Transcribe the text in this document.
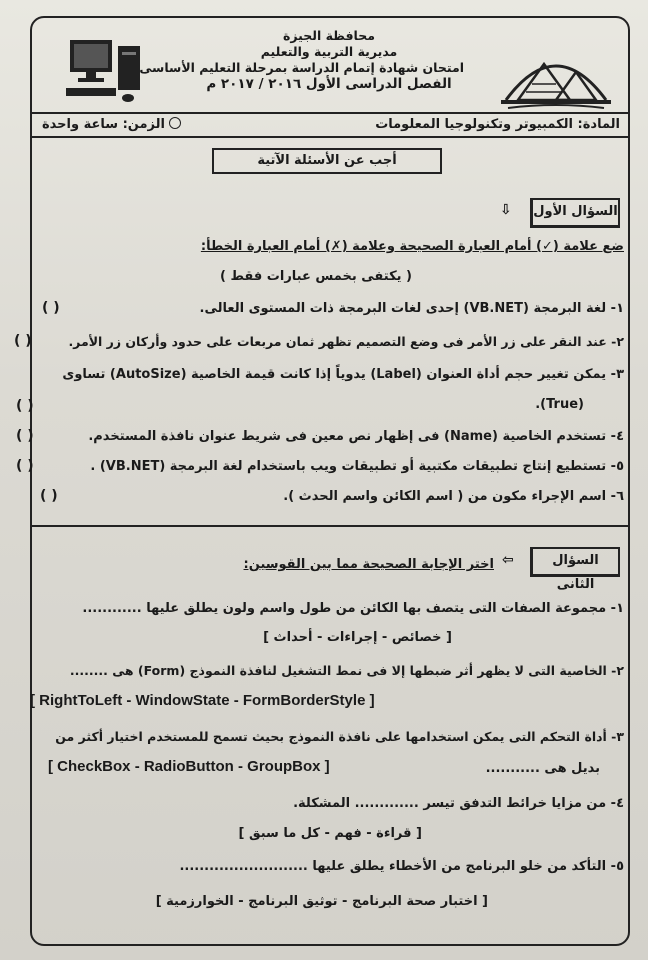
محافظة الجيزة
مديرية التربية والتعليم
امتحان شهادة إتمام الدراسة بمرحلة التعليم الأساسى
الفصل الدراسى الأول ٢٠١٦ / ٢٠١٧ م
المادة: الكمبيوتر وتكنولوجيا المعلومات
الزمن: ساعة واحدة
أجب عن الأسئلة الآتية
السؤال الأول
⇩
ضع علامة (✓) أمام العبارة الصحيحة وعلامة (✗) أمام العبارة الخطأ:
( يكتفى بخمس عبارات فقط )
١- لغة البرمجة (VB.NET) إحدى لغات البرمجة ذات المستوى العالى.
( )
٢- عند النقر على زر الأمر فى وضع التصميم تظهر ثمان مربعات على حدود وأركان زر الأمر.
( )
٣- يمكن تغيير حجم أداة العنوان (Label) يدوياً إذا كانت قيمة الخاصية (AutoSize) تساوى
(True).
( )
٤- تستخدم الخاصية (Name) فى إظهار نص معين فى شريط عنوان نافذة المستخدم.
( )
٥- تستطيع إنتاج تطبيقات مكتبية أو تطبيقات ويب باستخدام لغة البرمجة (VB.NET) .
( )
٦- اسم الإجراء مكون من ( اسم الكائن واسم الحدث ).
( )
السؤال الثانى
⇦
اختر الإجابة الصحيحة مما بين القوسين:
١- مجموعة الصفات التى يتصف بها الكائن من طول واسم ولون يطلق عليها ............
[ خصائص - إجراءات - أحداث ]
٢- الخاصية التى لا يظهر أثر ضبطها إلا فى نمط التشغيل لنافذة النموذج (Form) هى ........
[ RightToLeft - WindowState - FormBorderStyle ]
٣- أداة التحكم التى يمكن استخدامها على نافذة النموذج بحيث تسمح للمستخدم اختيار أكثر من
بديل هى ...........
[ CheckBox - RadioButton - GroupBox ]
٤- من مزايا خرائط التدفق تيسر ............. المشكلة.
[ قراءة - فهم - كل ما سبق ]
٥- التأكد من خلو البرنامج من الأخطاء يطلق عليها ..........................
[ اختبار صحة البرنامج - توثيق البرنامج - الخوارزمية ]
